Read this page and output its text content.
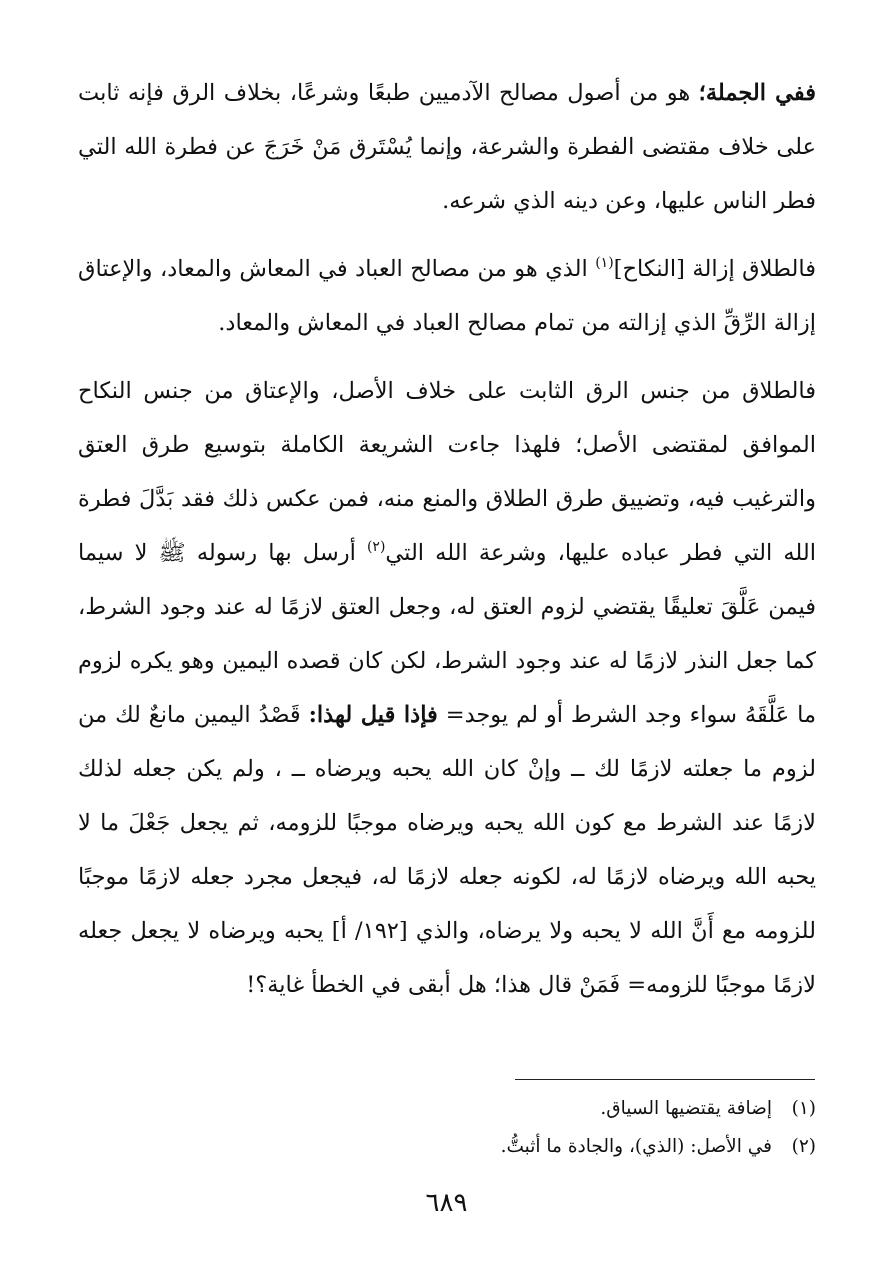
ففي الجملة؛ هو من أصول مصالح الآدميين طبعًا وشرعًا، بخلاف الرق فإنه ثابت على خلاف مقتضى الفطرة والشرعة، وإنما يُسْتَرق مَنْ خَرَجَ عن فطرة الله التي فطر الناس عليها، وعن دينه الذي شرعه.

فالطلاق إزالة [النكاح]$^{(١)}$ الذي هو من مصالح العباد في المعاش والمعاد، والإعتاق إزالة الرِّقِّ الذي إزالته من تمام مصالح العباد في المعاش والمعاد.

فالطلاق من جنس الرق الثابت على خلاف الأصل، والإعتاق من جنس النكاح الموافق لمقتضى الأصل؛ فلهذا جاءت الشريعة الكاملة بتوسيع طرق العتق والترغيب فيه، وتضييق طرق الطلاق والمنع منه، فمن عكس ذلك فقد بَدَّلَ فطرة الله التي فطر عباده عليها، وشرعة الله التي$^{(٢)}$ أرسل بها رسوله ﷺ لا سيما فيمن عَلَّقَ تعليقًا يقتضي لزوم العتق له، وجعل العتق لازمًا له عند وجود الشرط، كما جعل النذر لازمًا له عند وجود الشرط، لكن كان قصده اليمين وهو يكره لزوم ما عَلَّقَهُ سواء وجد الشرط أو لم يوجد= فإذا قيل لهذا: قَصْدُ اليمين مانعٌ لك من لزوم ما جعلته لازمًا لك ــ وإنْ كان الله يحبه ويرضاه ــ ، ولم يكن جعله لذلك لازمًا عند الشرط مع كون الله يحبه ويرضاه موجبًا للزومه، ثم يجعل جَعْلَ ما لا يحبه الله ويرضاه لازمًا له، لكونه جعله لازمًا له، فيجعل مجرد جعله لازمًا موجبًا للزومه مع أَنَّ الله لا يحبه ولا يرضاه، والذي [١٩٢/ أ] يحبه ويرضاه لا يجعل جعله لازمًا موجبًا للزومه= فَمَنْ قال هذا؛ هل أبقى في الخطأ غاية؟!

(١)إضافة يقتضيها السياق.

(٢)في الأصل: (الذي)، والجادة ما أثبتُّ.

٦٨٩
